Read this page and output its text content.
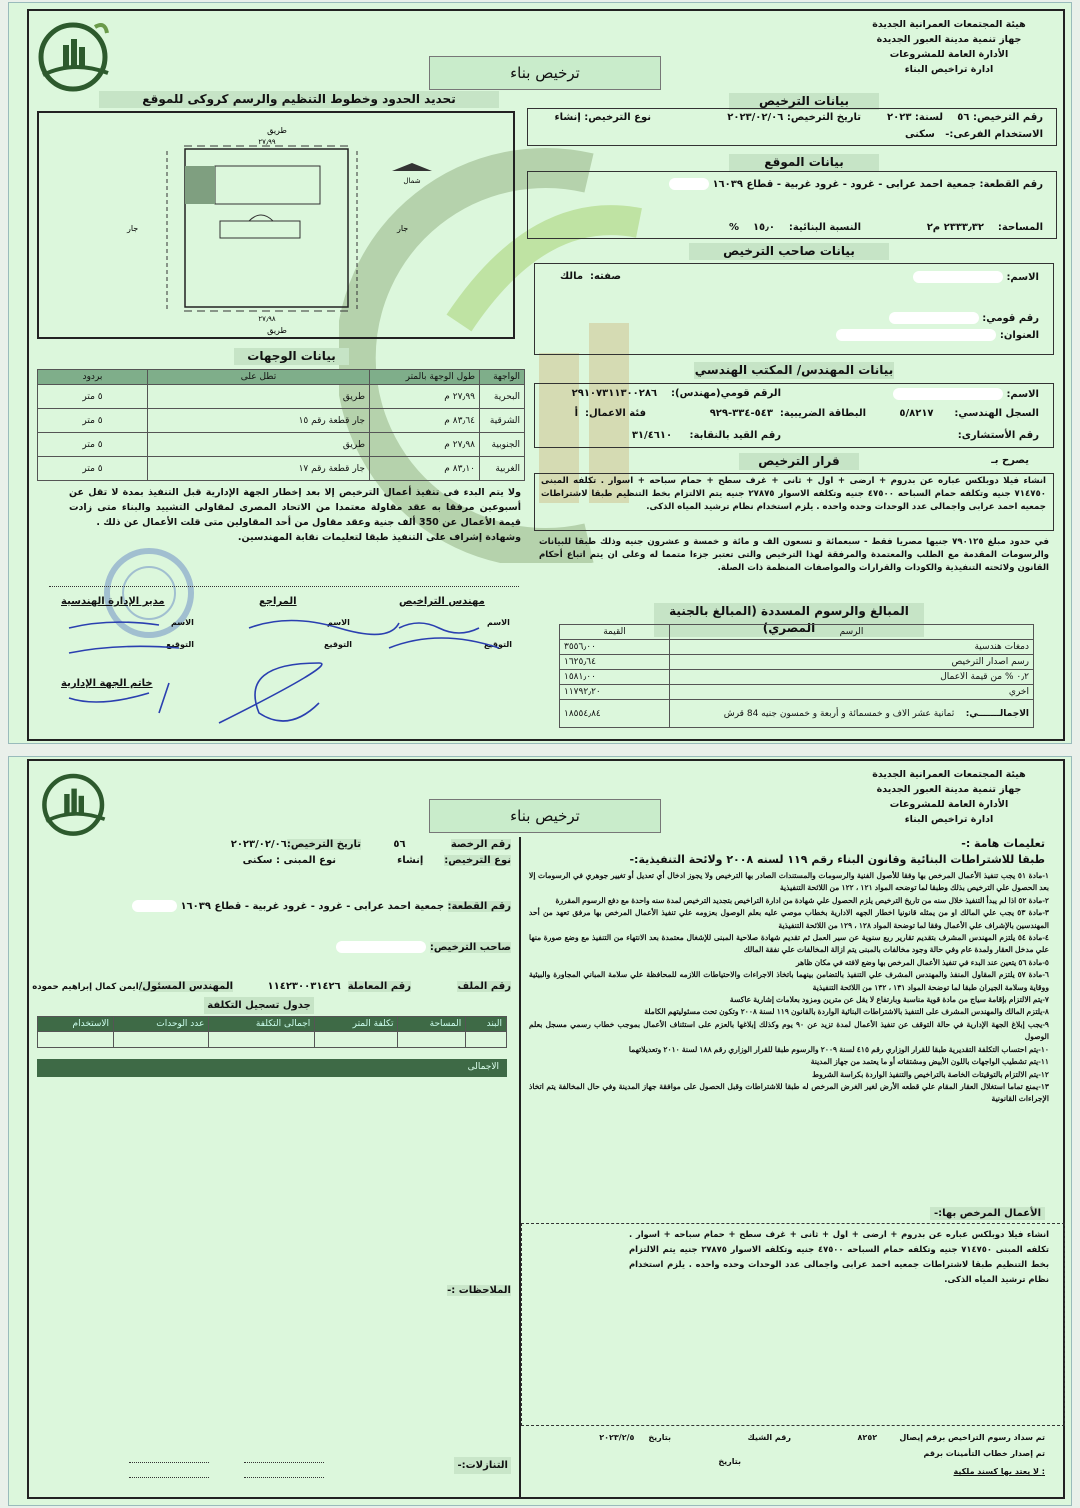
هيئة المجتمعات العمرانية الجديدة
جهاز تنمية مدينة العبور الجديدة
الأدارة العامة للمشروعات
ادارة تراخيص البناء
ترخيص بناء
بيانات الترخيص
رقم الترخيص: ٥٦
لسنة: ٢٠٢٣
تاريخ الترخيص: ٢٠٢٣/٠٢/٠٦
نوع الترخيص: إنشاء
الاستخدام الفرعى:-   سكنى
بيانات الموقع
رقم القطعة: جمعية احمد عرابى - غرود - غرود غربية - قطاع ١٦٠٣٩
المساحة:    ٢٣٣٣٫٣٢ م٢
النسبة البنائية:    ١٥٫٠    %
بيانات صاحب الترخيص
الاسم:
صفته:  مالك
رقم قومي:
العنوان:
بيانات المهندس/ المكتب الهندسي
الاسم:
الرقم قومي(مهندس):    ٢٩١٠٧٣١١٣٠٠٢٨٦
السجل الهندسي:      ٥/٨٢١٧
البطاقة الضريبية:  ٥٤٣-٣٣٤-٩٢٩
فئة الاعمال:  أ
رقم الأستشارى:
رقم القيد بالنقابة:     ٣١/٤٦١٠
يصرح بـ
قرار الترخيص
انشاء فيلا دوبلكس عباره عن بدروم + ارضى + اول + ثانى + غرف سطح + حمام سباحه + اسوار . تكلفه المبنى ٧١٤٧٥٠ جنيه وتكلفه حمام السباحه ٤٧٥٠٠ جنيه وتكلفه الاسوار ٢٧٨٧٥ جنيه يتم الالتزام بخط التنظيم طبقا لاشتراطات جمعيه احمد عرابى واجمالى عدد الوحدات وحده واحده . يلزم استخدام نظام ترشيد المياه الذكى.
في حدود مبلغ ٧٩٠١٢٥ جنيها مصريا فقط - سبعمائة و تسعون الف و مائة و خمسة و عشرون جنيه وذلك طبقا للبيانات والرسومات المقدمة مع الطلب والمعتمدة والمرفقة لهذا الترخيص والتى تعتبر جزءا متمما له وعلى ان يتم اتباع أحكام القانون ولائحته التنفيذية والكودات والقرارات والمواصفات المنظمة ذات الصلة.
المبالغ والرسوم المسددة (المبالغ بالجنية المصري)	الرسم	القيمة
دمغات هندسية	٣٥٥٦٫٠٠
رسم اصدار الترخيص	١٦٢٥٫٦٤
٠٫٢ % من قيمة الاعمال	١٥٨١٫٠٠
اخري	١١٧٩٢٫٢٠
الاجمالـــــــي:    ثمانية عشر الاف و خمسمائة و أربعة و خمسون جنيه 84 قرش	١٨٥٥٤٫٨٤
تحديد الحدود وخطوط التنظيم والرسم كروكى للموقع
طريق
٢٧٫٩٩
٢٧٫٩٨
طريق
جار	جار
شمال
بيانات الوجهات
الواجهة	طول الوجهة بالمتر	تطل على	بردود
البحرية	٢٧٫٩٩ م	طريق	٥ متر
الشرقية	٨٣٫٦٤ م	جار قطعة رقم ١٥	٥ متر
الجنوبية	٢٧٫٩٨ م	طريق	٥ متر
الغربية	٨٣٫١٠ م	جار قطعة رقم ١٧	٥ متر
ولا يتم البدء فى تنفيذ أعمال الترخيص إلا بعد إخطار الجهة الإدارية قبل التنفيذ بمدة لا تقل عن أسبوعين مرفقا به عقد مقاولة معتمدا من الاتحاد المصرى لمقاولى التشييد والبناء متى زادت قيمة الأعمال عن 350 ألف جنية وعقد مقاول من أحد المقاولين متى قلت الأعمال عن ذلك .
وشهادة إشراف على التنفيذ طبقا لتعليمات نقابة المهندسين.
مهندس التراخيص
المراجع
مدير الإدارة الهندسية
الاسم
الاسم
الاسم
التوقيع
التوقيع
التوقيع
خاتم الجهة الإدارية
هيئة المجتمعات العمرانية الجديدة
جهاز تنمية مدينة العبور الجديدة
الأدارة العامة للمشروعات
ادارة تراخيص البناء
ترخيص بناء
رقم الرخصة             ٥٦
تاريخ الترخيص:٢٠٢٣/٠٢/٠٦
نوع الترخيص:      إنشاء
نوع المبنى : سكنى
رقم القطعة: جمعية احمد عرابى - غرود - غرود غربية - قطاع ١٦٠٣٩
صاحب الترخيص:
رقم الملف
رقم المعاملة  ١١٤٢٣٠٠٣١٤٢٦
المهندس المسئول/ايمن كمال إبراهيم حموده
جدول تسجيل التكلفة
البند	المساحة	تكلفة المتر	اجمالى التكلفة	عدد الوحدات	الاستخدام

الاجمالى
الملاحظات :-
التنازلات:-
تعليمات هامة :-
طبقا للاشتراطات البنائية وقانون البناء رقم ١١٩ لسنه ٢٠٠٨ ولائحة التنفيذية:-
١-مادة ٥١ يجب تنفيذ الأعمال المرخص بها وفقا للأصول الفنية والرسومات والمستندات الصادر بها الترخيص ولا يجوز ادخال أي تعديل أو تغيير جوهري في الرسومات إلا بعد الحصول علي الترخيص بذلك وطبقا لما توضحه المواد ١٢١ ، ١٢٢ من اللائحة التنفيذية
٢-مادة ٥٢ اذا لم يبدأ التنفيذ خلال سنه من تاريخ الترخيص يلزم الحصول علي شهادة من ادارة التراخيص بتجديد الترخيص لمدة سنه واحدة مع دفع الرسوم المقررة
٣-مادة ٥٣ يجب علي المالك او من يمثله قانونيا اخطار الجهه الادارية بخطاب موصي عليه بعلم الوصول بعزومه علي تنفيذ الأعمال المرخص بها مرفق تعهد من أحد المهندسين بالإشراف علي الأعمال وفقا لما توضحة المواد ١٢٨ ، ١٢٩ من اللائحة التنفيذية
٤-مادة ٥٤ يلتزم المهندس المشرف بتقديم تقارير ربع سنوية عن سير العمل ثم تقديم شهادة صلاحية المبنى للإشغال معتمدة بعد الانتهاء من التنفيذ مع وضع صورة منها علي مدخل العقار ولمدة عام وفي حالة وجود مخالفات بالمبنى يتم ازالة المخالفات علي نفقة المالك
٥-مادة ٥٦ يتعين عند البدء في تنفيذ الأعمال المرخص بها وضع لافته في مكان ظاهر
٦-مادة ٥٧ يلتزم المقاول المنفذ والمهندس المشرف علي التنفيذ بالتضامن بينهما باتخاذ الاجراءات والاحتياطات اللازمه للمحافظة علي سلامة المباني المجاورة والبيئية ووقاية وسلامة الجيران طبقا لما توضحة المواد ١٣١ ، ١٣٢ من اللائحة التنفيذية
٧-يتم الالتزام بإقامة سياج من مادة قوية مناسبة وبارتفاع لا يقل عن مترين ومزود بعلامات إشارية عاكسة
٨-يلتزم المالك والمهندس المشرف على التنفيذ بالاشتراطات البنائية الواردة بالقانون ١١٩ لسنة ٢٠٠٨ وتكون تحت مسئوليتهم الكاملة
٩-يجب إبلاغ الجهة الإدارية في حالة التوقف عن تنفيذ الأعمال لمدة تزيد عن ٩٠ يوم وكذلك إبلاغها بالعزم على استئناف الأعمال بموجب خطاب رسمي مسجل بعلم الوصول
١٠-يتم احتساب التكلفة التقديرية طبقا للقرار الوزاري رقم ٤١٥ لسنة ٢٠٠٩ والرسوم طبقا للقرار الوزاري رقم ١٨٨ لسنة ٢٠١٠ وتعديلاتهما
١١-يتم تشطيب الواجهات باللون الأبيض ومشتقاته أو ما يعتمد من جهاز المدينة
١٢-يتم الالتزام بالتوقيتات الخاصة بالتراخيص والتنفيذ الواردة بكراسة الشروط
١٣-يمنع تماما استغلال العقار المقام علي قطعه الأرض لغير الغرض المرخص له طبقا للاشتراطات وقبل الحصول على موافقة جهاز المدينة وفي حال المخالفة يتم اتخاذ الإجراءات القانونية
الأعمال المرخص بها:-
انشاء فيلا دوبلكس عباره عن بدروم + ارضى + اول + ثانى + غرف سطح + حمام سباحه + اسوار . تكلفه المبنى ٧١٤٧٥٠ جنيه وتكلفه حمام السباحه ٤٧٥٠٠ جنيه وتكلفه الاسوار ٢٧٨٧٥ جنيه يتم الالتزام بخط التنظيم طبقا لاشتراطات جمعيه احمد عرابى واجمالى عدد الوحدات وحده واحده . يلزم استخدام نظام ترشيد المياه الذكى.
تم سداد رسوم التراخيص برقم إيصال        ٨٢٥٢
رقم الشيك
بتاريخ     ٢٠٢٣/٢/٥
تم إصدار خطاب التأمينات برقم
بتاريخ
: لا يعتد بها كسند ملكية
